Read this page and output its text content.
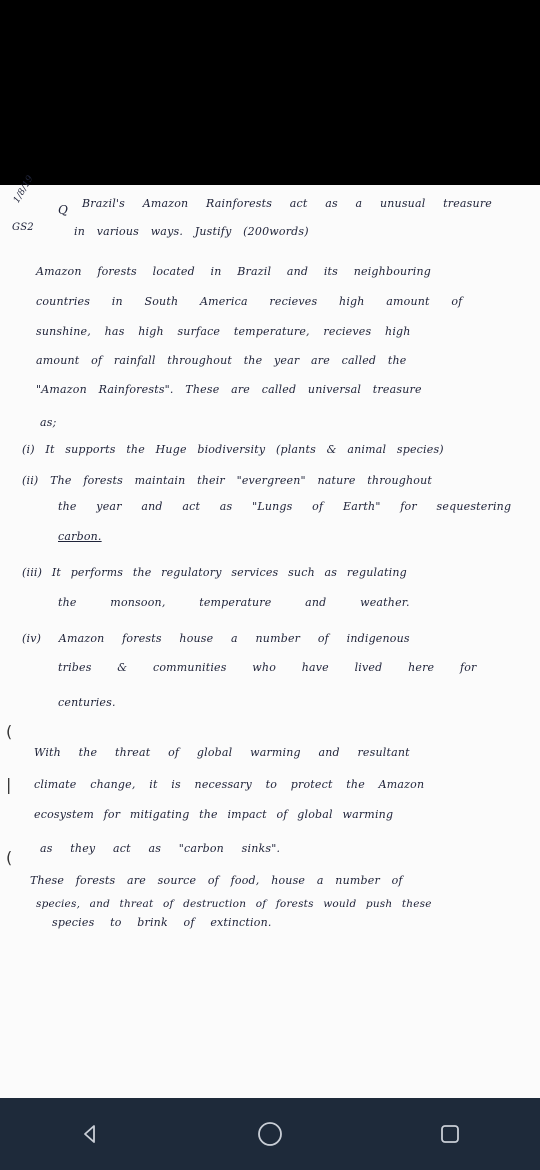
1/8/19
GS2
Q Brazil's Amazon Rainforests act as a unusual treasure
in various ways. Justify (200words)
Amazon forests located in Brazil and its neighbouring
countries in South America recieves high amount of
sunshine, has high surface temperature, recieves high
amount of rainfall throughout the year are called the
"Amazon Rainforests". These are called universal treasure
as;
(i) It supports the Huge biodiversity (plants & animal species)
(ii) The forests maintain their "evergreen" nature throughout
the year and act as "Lungs of Earth" for sequestering
carbon.
(iii) It performs the regulatory services such as regulating
the monsoon, temperature and weather.
(iv) Amazon forests house a number of indigenous
tribes & communities who have lived here for
centuries.
With the threat of global warming and resultant
climate change, it is necessary to protect the Amazon
ecosystem for mitigating the impact of global warming
as they act as "carbon sinks".
These forests are source of food, house a number of
species, and threat of destruction of forests would push these
species to brink of extinction.
(
|
(
